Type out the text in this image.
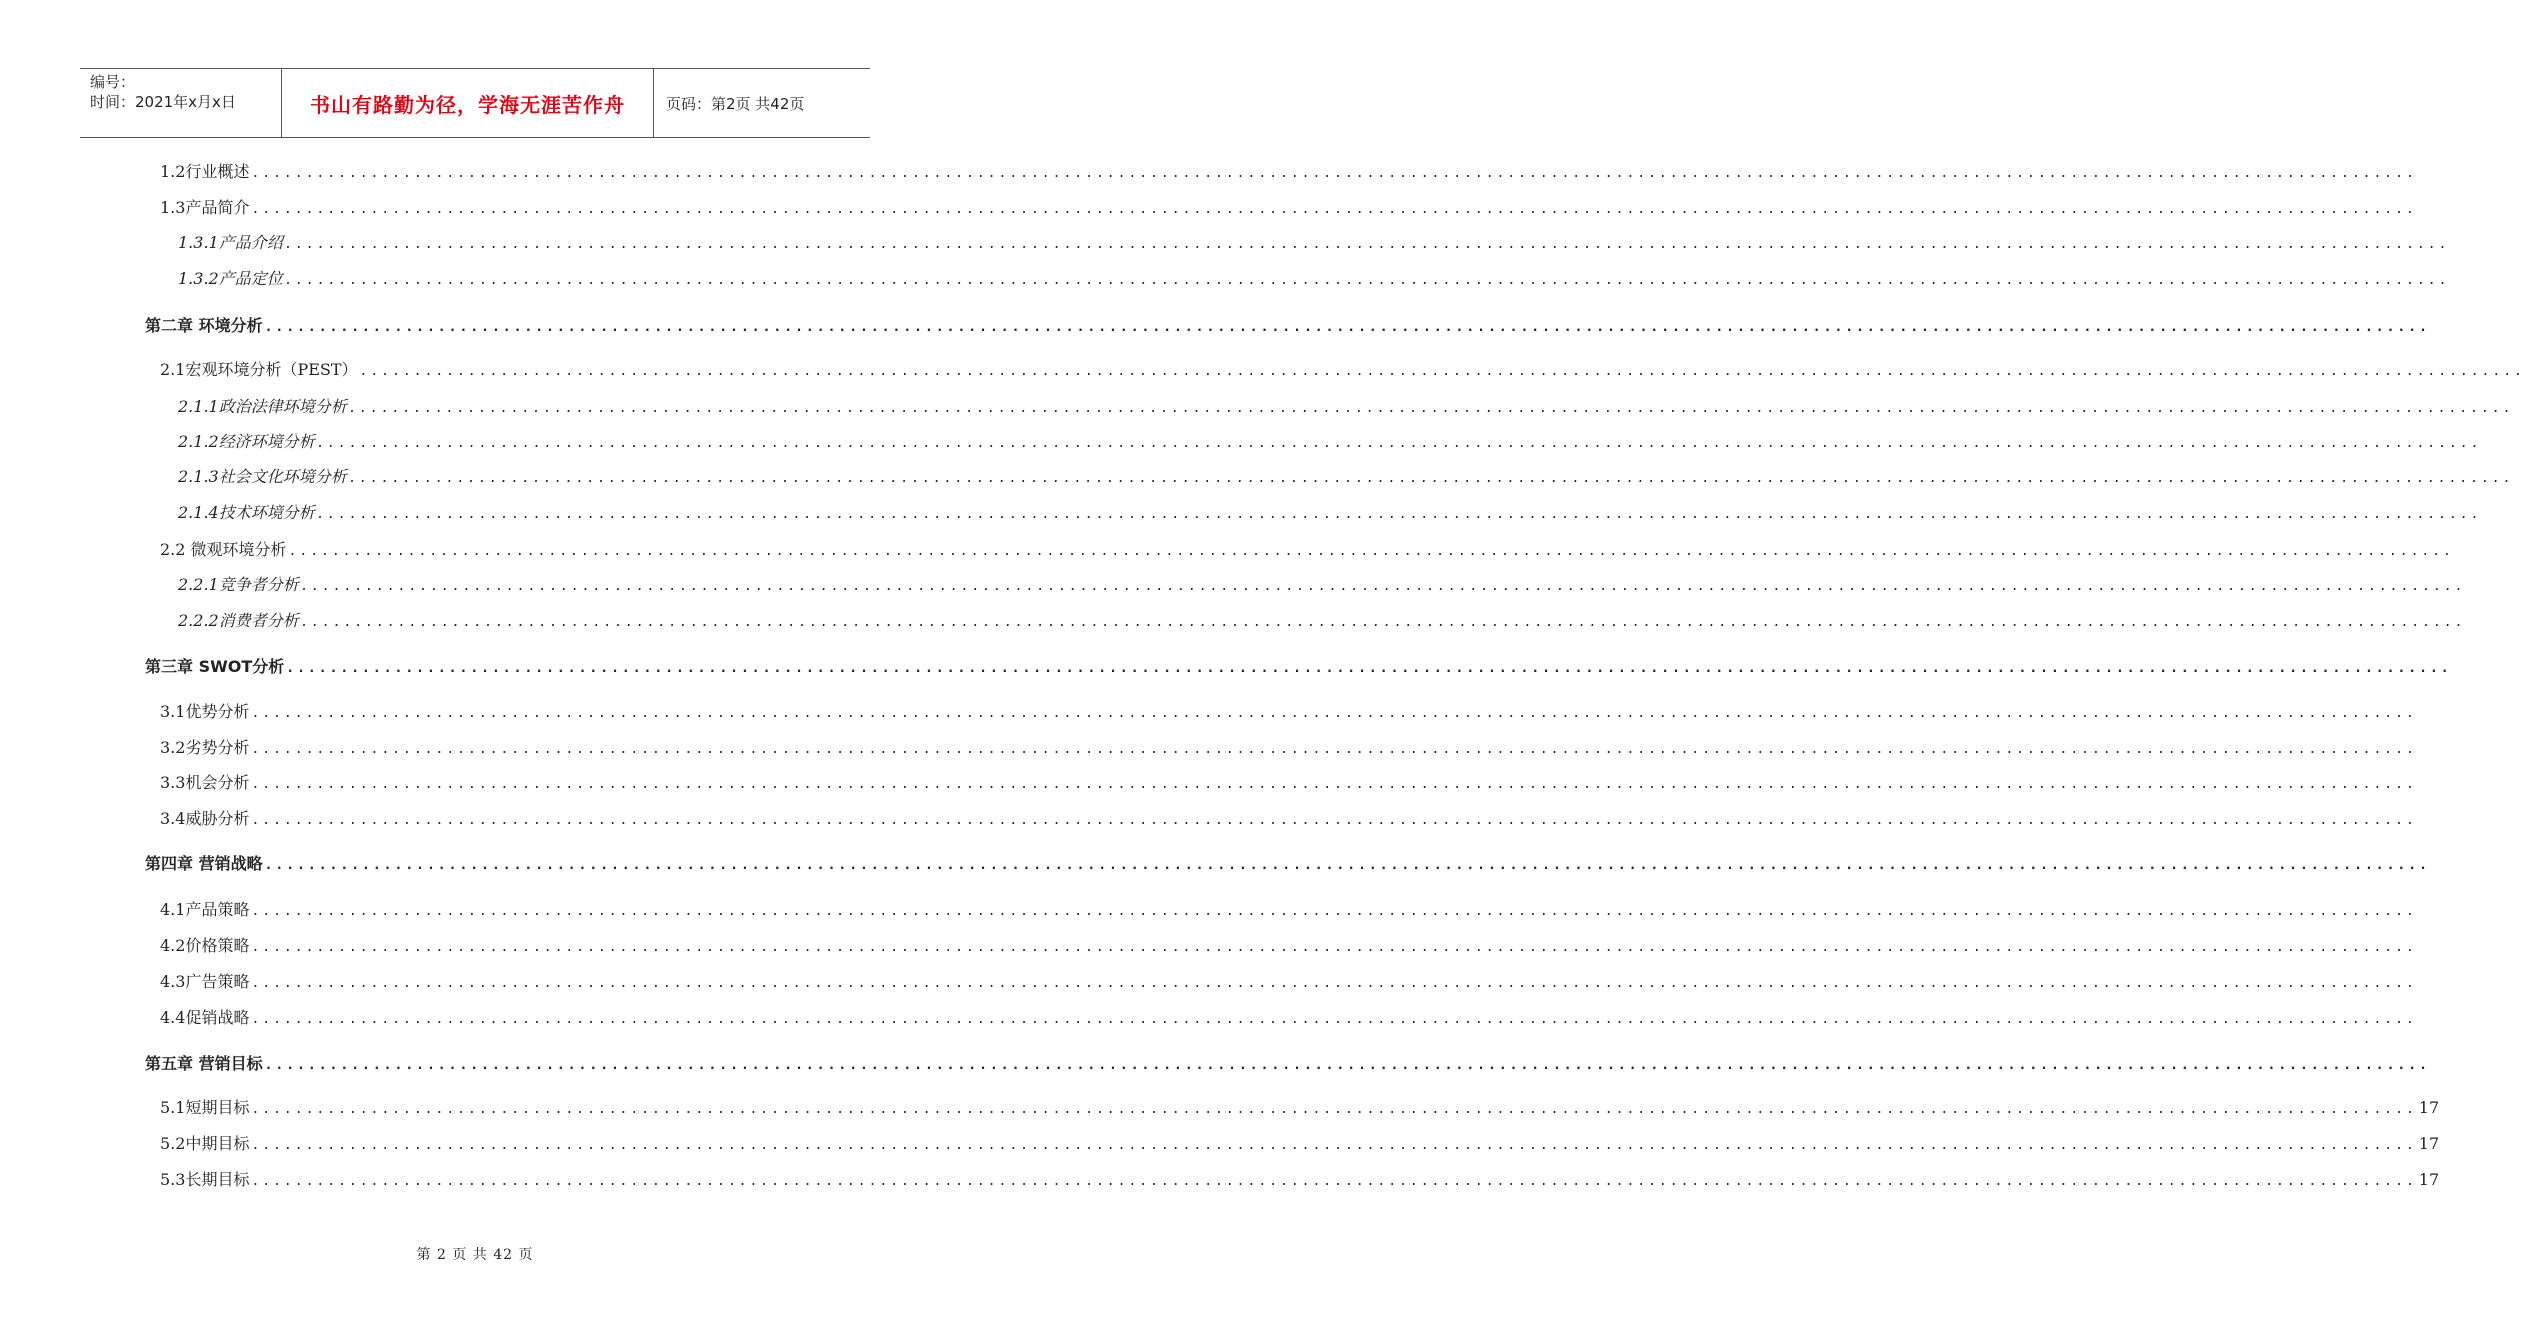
编号：
时间：2021年x月x日	书山有路勤为径，学海无涯苦作舟	页码：第2页 共42页
1.2行业概述 ........................................................................................................................................................................................................
1.3产品简介 ........................................................................................................................................................................................................
1.3.1产品介绍 ........................................................................................................................................................................................................
1.3.2产品定位 ........................................................................................................................................................................................................
第二章 环境分析 ........................................................................................................................................................................................................
2.1宏观环境分析（PEST） ........................................................................................................................................................................................................
2.1.1政治法律环境分析 ........................................................................................................................................................................................................
2.1.2经济环境分析 ........................................................................................................................................................................................................
2.1.3社会文化环境分析 ........................................................................................................................................................................................................
2.1.4技术环境分析 ........................................................................................................................................................................................................
2.2 微观环境分析 ........................................................................................................................................................................................................
2.2.1竞争者分析 ........................................................................................................................................................................................................
2.2.2消费者分析 ........................................................................................................................................................................................................
第三章 SWOT分析 ........................................................................................................................................................................................................
3.1优势分析 ........................................................................................................................................................................................................
3.2劣势分析 ........................................................................................................................................................................................................
3.3机会分析 ........................................................................................................................................................................................................
3.4威胁分析 ........................................................................................................................................................................................................
第四章 营销战略 ........................................................................................................................................................................................................
4.1产品策略 ........................................................................................................................................................................................................
4.2价格策略 ........................................................................................................................................................................................................
4.3广告策略 ........................................................................................................................................................................................................
4.4促销战略 ........................................................................................................................................................................................................
第五章 营销目标 ........................................................................................................................................................................................................
5.1短期目标 ........................................................................................................................................................................................................ 17
5.2中期目标 ........................................................................................................................................................................................................ 17
5.3长期目标 ........................................................................................................................................................................................................ 17
第 2 页 共 42 页
